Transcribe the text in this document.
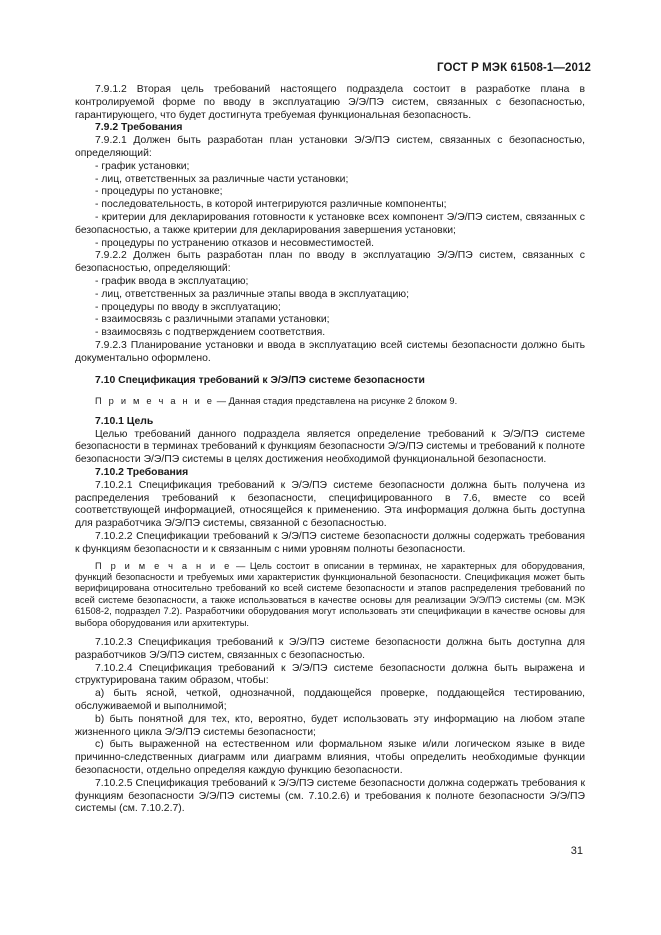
ГОСТ Р МЭК 61508-1—2012

7.9.1.2 Вторая цель требований настоящего подраздела состоит в разработке плана в контролируемой форме по вводу в эксплуатацию Э/Э/ПЭ систем, связанных с безопасностью, гарантирующего, что будет достигнута требуемая функциональная безопасность.

7.9.2 Требования

7.9.2.1 Должен быть разработан план установки Э/Э/ПЭ систем, связанных с безопасностью, определяющий:

- график установки;

- лиц, ответственных за различные части установки;

- процедуры по установке;

- последовательность, в которой интегрируются различные компоненты;

- критерии для декларирования готовности к установке всех компонент Э/Э/ПЭ систем, связанных с безопасностью, а также критерии для декларирования завершения установки;

- процедуры по устранению отказов и несовместимостей.

7.9.2.2 Должен быть разработан план по вводу в эксплуатацию Э/Э/ПЭ систем, связанных с безопасностью, определяющий:

- график ввода в эксплуатацию;

- лиц, ответственных за различные этапы ввода в эксплуатацию;

- процедуры по вводу в эксплуатацию;

- взаимосвязь с различными этапами установки;

- взаимосвязь с подтверждением соответствия.

7.9.2.3 Планирование установки и ввода в эксплуатацию всей системы безопасности должно быть документально оформлено.

7.10 Спецификация требований к Э/Э/ПЭ системе безопасности

П р и м е ч а н и е — Данная стадия представлена на рисунке 2 блоком 9.

7.10.1 Цель

Целью требований данного подраздела является определение требований к Э/Э/ПЭ системе безопасности в терминах требований к функциям безопасности Э/Э/ПЭ системы и требований к полноте безопасности Э/Э/ПЭ системы в целях достижения необходимой функциональной безопасности.

7.10.2 Требования

7.10.2.1 Спецификация требований к Э/Э/ПЭ системе безопасности должна быть получена из распределения требований к безопасности, специфицированного в 7.6, вместе со всей соответствующей информацией, относящейся к применению. Эта информация должна быть доступна для разработчика Э/Э/ПЭ системы, связанной с безопасностью.

7.10.2.2 Спецификации требований к Э/Э/ПЭ системе безопасности должны содержать требования к функциям безопасности и к связанным с ними уровням полноты безопасности.

П р и м е ч а н и е — Цель состоит в описании в терминах, не характерных для оборудования, функций безопасности и требуемых ими характеристик функциональной безопасности. Спецификация может быть верифицирована относительно требований ко всей системе безопасности и этапов распределения требований по всей системе безопасности, а также использоваться в качестве основы для реализации Э/Э/ПЭ системы (см. МЭК 61508-2, подраздел 7.2). Разработчики оборудования могут использовать эти спецификации в качестве основы для выбора оборудования или архитектуры.

7.10.2.3 Спецификация требований к Э/Э/ПЭ системе безопасности должна быть доступна для разработчиков Э/Э/ПЭ систем, связанных с безопасностью.

7.10.2.4 Спецификация требований к Э/Э/ПЭ системе безопасности должна быть выражена и структурирована таким образом, чтобы:

a) быть ясной, четкой, однозначной, поддающейся проверке, поддающейся тестированию, обслуживаемой и выполнимой;

b) быть понятной для тех, кто, вероятно, будет использовать эту информацию на любом этапе жизненного цикла Э/Э/ПЭ системы безопасности;

c) быть выраженной на естественном или формальном языке и/или логическом языке в виде причинно-следственных диаграмм или диаграмм влияния, чтобы определить необходимые функции безопасности, отдельно определяя каждую функцию безопасности.

7.10.2.5 Спецификация требований к Э/Э/ПЭ системе безопасности должна содержать требования к функциям безопасности Э/Э/ПЭ системы (см. 7.10.2.6) и требования к полноте безопасности Э/Э/ПЭ системы (см. 7.10.2.7).

31
